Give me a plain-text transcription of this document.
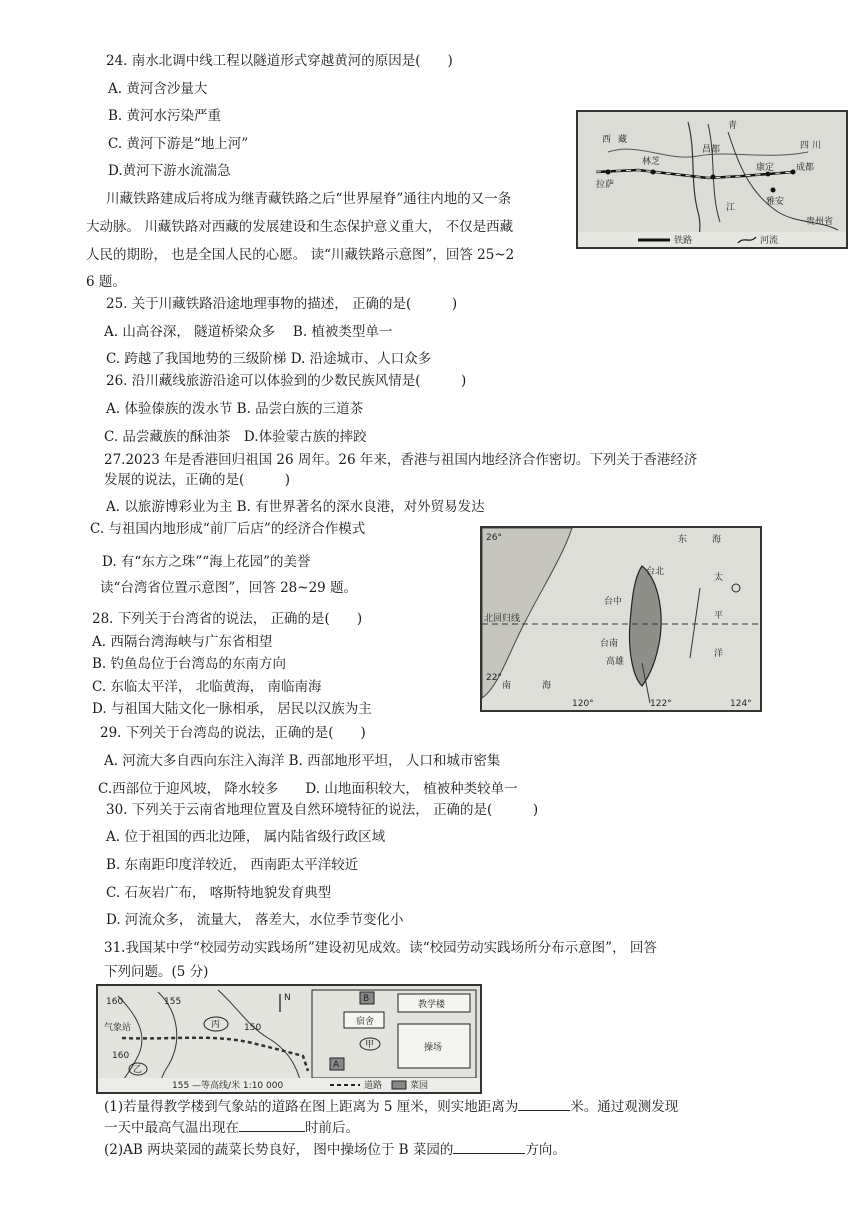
24. 南水北调中线工程以隧道形式穿越黄河的原因是(　　)
A. 黄河含沙量大
B. 黄河水污染严重
C. 黄河下游是“地上河”
D.黄河下游水流湍急
川藏铁路建成后将成为继青藏铁路之后“世界屋脊”通往内地的又一条
大动脉。 川藏铁路对西藏的发展建设和生态保护意义重大， 不仅是西藏
人民的期盼， 也是全国人民的心愿。 读“川藏铁路示意图”，回答 25~2
6 题。
拉萨
林芝
昌都
康定 成都
雅安
四 川
青
西 藏
江
贵州省
铁路	河流
25. 关于川藏铁路沿途地理事物的描述， 正确的是(　　　)
A. 山高谷深， 隧道桥梁众多　 B. 植被类型单一
C. 跨越了我国地势的三级阶梯 D. 沿途城市、人口众多
26. 沿川藏线旅游沿途可以体验到的少数民族风情是(　　　)
A. 体验傣族的泼水节 B. 品尝白族的三道茶
C. 品尝藏族的酥油茶　D.体验蒙古族的摔跤
27.2023 年是香港回归祖国 26 周年。26 年来，香港与祖国内地经济合作密切。下列关于香港经济
发展的说法，正确的是(　　　)
A. 以旅游博彩业为主 B. 有世界著名的深水良港，对外贸易发达
C. 与祖国内地形成“前厂后店”的经济合作模式
D. 有“东方之珠”“海上花园”的美誉
读“台湾省位置示意图”，回答 28~29 题。
26°
22°
120°	122°	124°
东	海
太
平
洋
台北
台中
台南
高雄
北回归线
南	海
28. 下列关于台湾省的说法， 正确的是(　　)
A. 西隔台湾海峡与广东省相望
B. 钓鱼岛位于台湾岛的东南方向
C. 东临太平洋， 北临黄海， 南临南海
D. 与祖国大陆文化一脉相承， 居民以汉族为主
29. 下列关于台湾岛的说法，正确的是(　　)
A. 河流大多自西向东注入海洋 B. 西部地形平坦， 人口和城市密集
C.西部位于迎风坡， 降水较多　　D. 山地面积较大， 植被种类较单一
30. 下列关于云南省地理位置及自然环境特征的说法， 正确的是(　　　)
A. 位于祖国的西北边陲， 属内陆省级行政区域
B. 东南距印度洋较近， 西南距太平洋较近
C. 石灰岩广布， 喀斯特地貌发育典型
D. 河流众多， 流量大， 落差大，水位季节变化小
31.我国某中学“校园劳动实践场所”建设初见成效。读“校园劳动实践场所分布示意图”， 回答
下列问题。(5 分)
160	155
150
160
气象站	丙
乙
N
教学楼
宿舍
操场
B
甲
A
155 —等高线/米 1:10 000	道路	菜园
(1)若量得教学楼到气象站的道路在图上距离为 5 厘米，则实地距离为	米。通过观测发现
一天中最高气温出现在	时前后。
(2)AB 两块菜园的蔬菜长势良好， 图中操场位于 B 菜园的	方向。
